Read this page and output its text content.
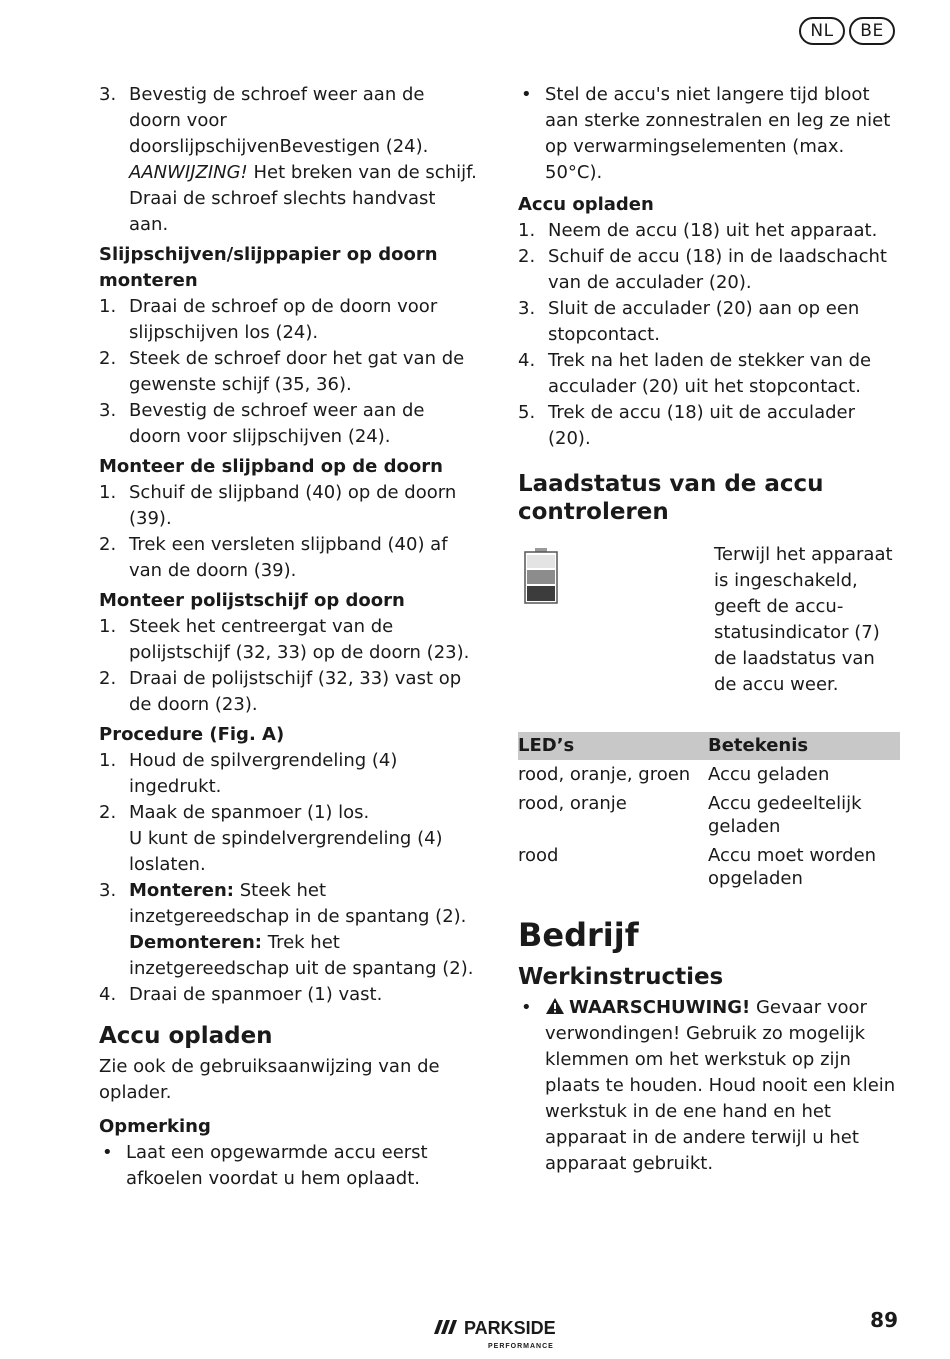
NL	BE
3. Bevestig de schroef weer aan de doorn voor doorslijpschijvenBevestigen (24).
AANWIJZING! Het breken van de schijf. Draai de schroef slechts handvast aan.
Slijpschijven/slijppapier op doorn monteren
1. Draai de schroef op de doorn voor slijpschijven los (24).
2. Steek de schroef door het gat van de gewenste schijf (35, 36).
3. Bevestig de schroef weer aan de doorn voor slijpschijven (24).
Monteer de slijpband op de doorn
1. Schuif de slijpband (40) op de doorn (39).
2. Trek een versleten slijpband (40) af van de doorn (39).
Monteer polijstschijf op doorn
1. Steek het centreergat van de polijstschijf (32, 33) op de doorn (23).
2. Draai de polijstschijf (32, 33) vast op de doorn (23).
Procedure (Fig. A)
1. Houd de spilvergrendeling (4) ingedrukt.
2. Maak de spanmoer (1) los.
U kunt de spindelvergrendeling (4) loslaten.
3. Monteren: Steek het inzetgereedschap in de spantang (2).
Demonteren: Trek het inzetgereedschap uit de spantang (2).
4. Draai de spanmoer (1) vast.
Accu opladen
Zie ook de gebruiksaanwijzing van de oplader.
Opmerking
• Laat een opgewarmde accu eerst afkoelen voordat u hem oplaadt.
• Stel de accu's niet langere tijd bloot aan sterke zonnestralen en leg ze niet op verwarmingselementen (max. 50°C).
Accu opladen
1. Neem de accu (18) uit het apparaat.
2. Schuif de accu (18) in de laadschacht van de acculader (20).
3. Sluit de acculader (20) aan op een stopcontact.
4. Trek na het laden de stekker van de acculader (20) uit het stopcontact.
5. Trek de accu (18) uit de acculader (20).
Laadstatus van de accu controleren
Terwijl het apparaat is ingeschakeld, geeft de accu-statusindicator (7) de laadstatus van de accu weer.
LED’s	Betekenis
rood, oranje, groen	Accu geladen
rood, oranje	Accu gedeeltelijk geladen
rood	Accu moet worden opgeladen
Bedrijf
Werkinstructies
• WAARSCHUWING! Gevaar voor verwondingen! Gebruik zo mogelijk klemmen om het werkstuk op zijn plaats te houden. Houd nooit een klein werkstuk in de ene hand en het apparaat in de andere terwijl u het apparaat gebruikt.
PARKSIDE
PERFORMANCE
89
